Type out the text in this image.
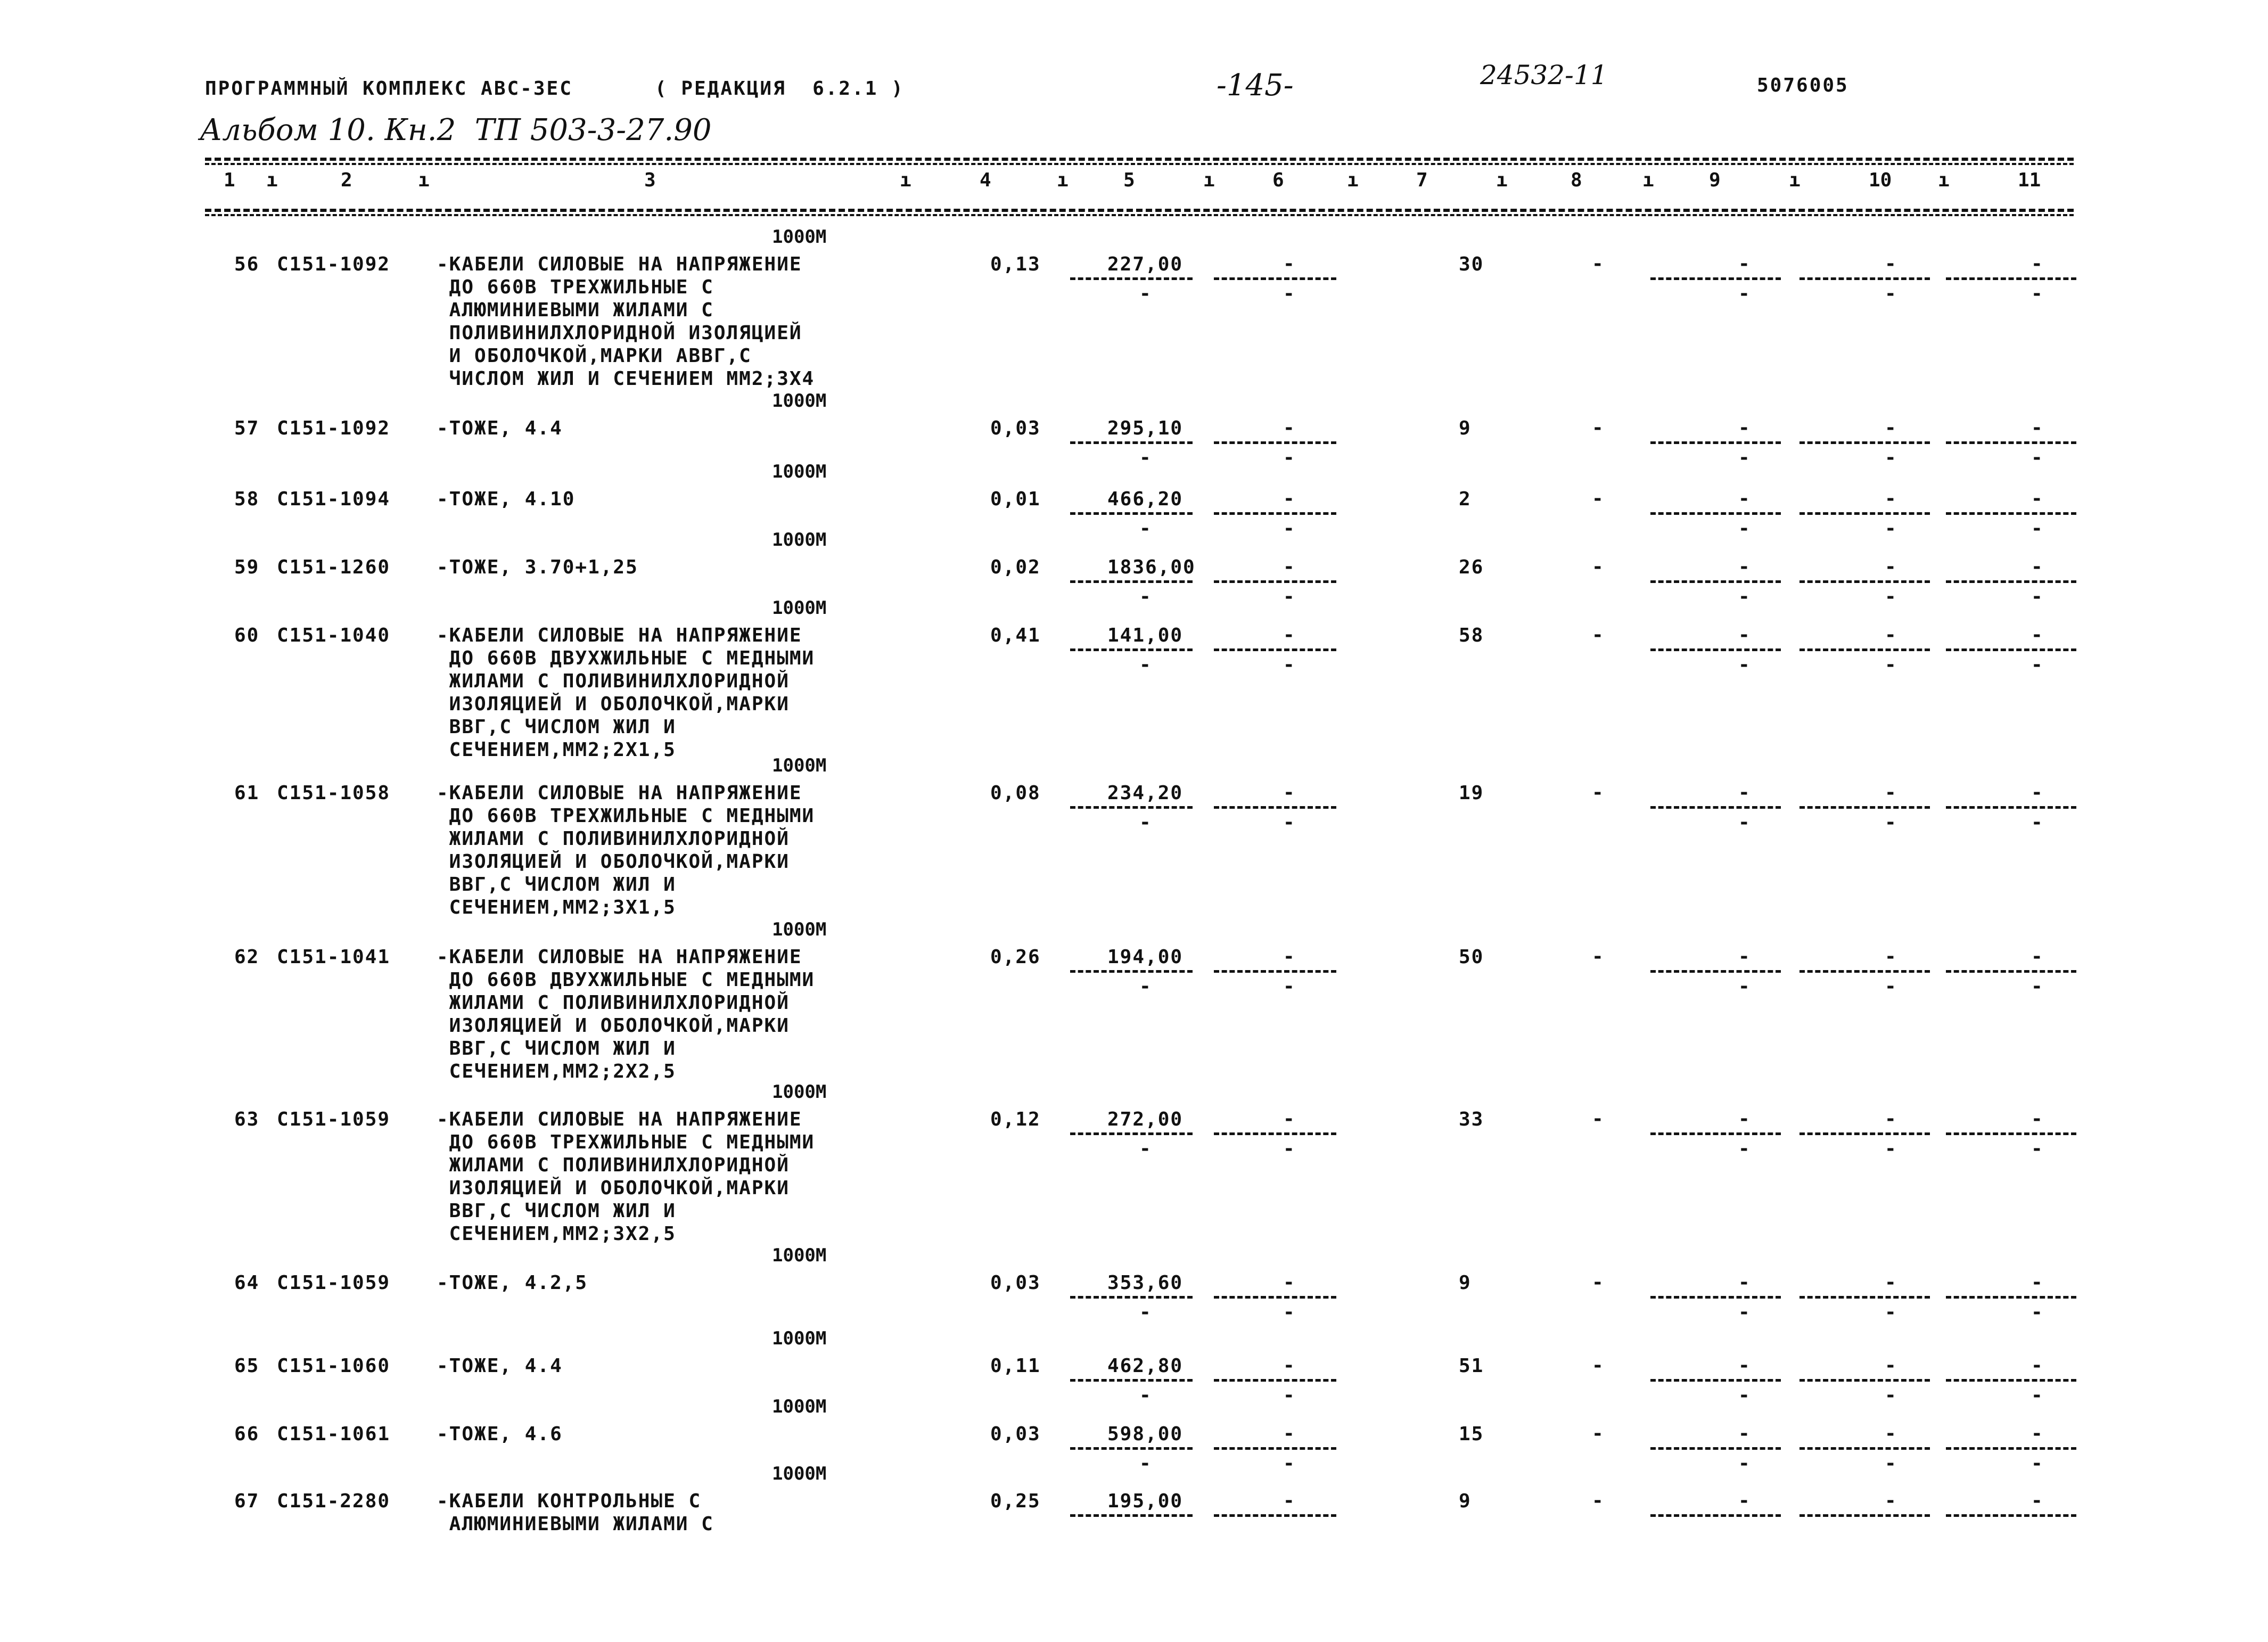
ПРОГРАММНЫЙ КОМПЛЕКС АВС-3ЕС	( РЕДАКЦИЯ  6.2.1 )	-145-	24532-11	5076005
Альбом 10. Кн.2  ТП 503-3-27.90
1	2	3	4	5	6	7	8	9	10	11
ı	ı	ı	ı	ı	ı	ı	ı	ı	ı
1000М
56 С151-1092 -КАБЕЛИ СИЛОВЫЕ НА НАПРЯЖЕНИЕ
ДО 660В ТРЕХЖИЛЬНЫЕ С
АЛЮМИНИЕВЫМИ ЖИЛАМИ С
ПОЛИВИНИЛХЛОРИДНОЙ ИЗОЛЯЦИЕЙ
И ОБОЛОЧКОЙ,МАРКИ АВВГ,С
ЧИСЛОМ ЖИЛ И СЕЧЕНИЕМ ММ2;3Х4
0,13	227,00	-	30	-	-	-	-
-	-	-	-	-
1000М
57 С151-1092 -ТОЖЕ, 4.4	0,03	295,10	-	9	-	-	-	-
-	-	-	-	-
1000М
58 С151-1094 -ТОЖЕ, 4.10	0,01	466,20	-	2	-	-	-	-
-	-	-	-	-
1000М
59 С151-1260 -ТОЖЕ, 3.70+1,25	0,02	1836,00	-	26	-	-	-	-
-	-	-	-	-
1000М
60 С151-1040 -КАБЕЛИ СИЛОВЫЕ НА НАПРЯЖЕНИЕ
ДО 660В ДВУХЖИЛЬНЫЕ С МЕДНЫМИ
ЖИЛАМИ С ПОЛИВИНИЛХЛОРИДНОЙ
ИЗОЛЯЦИЕЙ И ОБОЛОЧКОЙ,МАРКИ
ВВГ,С ЧИСЛОМ ЖИЛ И
СЕЧЕНИЕМ,ММ2;2Х1,5
0,41	141,00	-	58	-	-	-	-
-	-	-	-	-
1000М
61 С151-1058 -КАБЕЛИ СИЛОВЫЕ НА НАПРЯЖЕНИЕ
ДО 660В ТРЕХЖИЛЬНЫЕ С МЕДНЫМИ
ЖИЛАМИ С ПОЛИВИНИЛХЛОРИДНОЙ
ИЗОЛЯЦИЕЙ И ОБОЛОЧКОЙ,МАРКИ
ВВГ,С ЧИСЛОМ ЖИЛ И
СЕЧЕНИЕМ,ММ2;3Х1,5
0,08	234,20	-	19	-	-	-	-
-	-	-	-	-
1000М
62 С151-1041 -КАБЕЛИ СИЛОВЫЕ НА НАПРЯЖЕНИЕ
ДО 660В ДВУХЖИЛЬНЫЕ С МЕДНЫМИ
ЖИЛАМИ С ПОЛИВИНИЛХЛОРИДНОЙ
ИЗОЛЯЦИЕЙ И ОБОЛОЧКОЙ,МАРКИ
ВВГ,С ЧИСЛОМ ЖИЛ И
СЕЧЕНИЕМ,ММ2;2Х2,5
0,26	194,00	-	50	-	-	-	-
-	-	-	-	-
1000М
63 С151-1059 -КАБЕЛИ СИЛОВЫЕ НА НАПРЯЖЕНИЕ
ДО 660В ТРЕХЖИЛЬНЫЕ С МЕДНЫМИ
ЖИЛАМИ С ПОЛИВИНИЛХЛОРИДНОЙ
ИЗОЛЯЦИЕЙ И ОБОЛОЧКОЙ,МАРКИ
ВВГ,С ЧИСЛОМ ЖИЛ И
СЕЧЕНИЕМ,ММ2;3Х2,5
0,12	272,00	-	33	-	-	-	-
-	-	-	-	-
1000М
64 С151-1059 -ТОЖЕ, 4.2,5	0,03	353,60	-	9	-	-	-	-
-	-	-	-	-
1000М
65 С151-1060 -ТОЖЕ, 4.4	0,11	462,80	-	51	-	-	-	-
-	-	-	-	-
1000М
66 С151-1061 -ТОЖЕ, 4.6	0,03	598,00	-	15	-	-	-	-
-	-	-	-	-
1000М
67 С151-2280 -КАБЕЛИ КОНТРОЛЬНЫЕ С
АЛЮМИНИЕВЫМИ ЖИЛАМИ С
0,25	195,00	-	9	-	-	-	-
